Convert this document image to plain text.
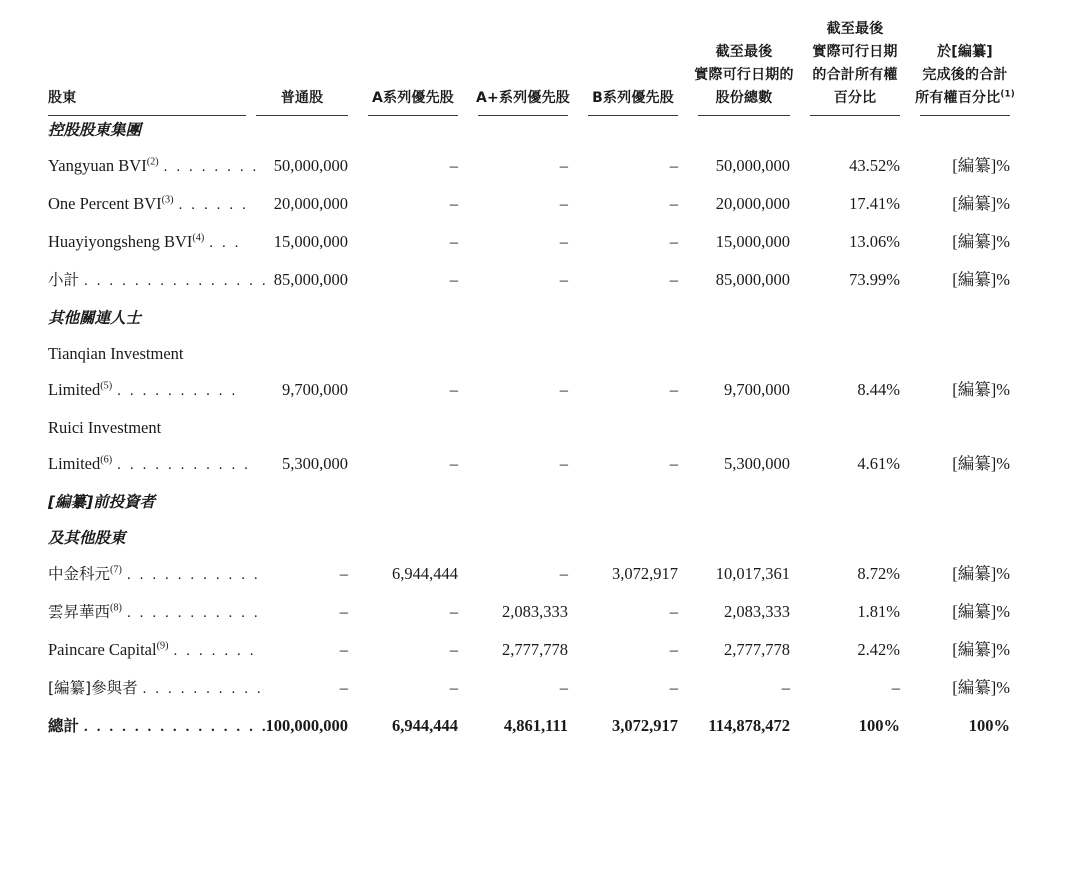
股東	普通股	A系列優先股	A+系列優先股	B系列優先股	截至最後
實際可行日期的
股份總數	截至最後
實際可行日期
的合計所有權
百分比	於[編纂]
完成後的合計
所有權百分比$^{(1)}$

控股股東集團							
Yangyuan BVI$^{(2)}$ . . . . . . . .	50,000,000	–	–	–	50,000,000	43.52%	[編纂]%
One Percent BVI$^{(3)}$ . . . . . .	20,000,000	–	–	–	20,000,000	17.41%	[編纂]%
Huayiyongsheng BVI$^{(4)}$ . . .	15,000,000	–	–	–	15,000,000	13.06%	[編纂]%
小計 . . . . . . . . . . . . . . .	85,000,000	–	–	–	85,000,000	73.99%	[編纂]%
其他關連人士							
Tianqian Investment							
Limited$^{(5)}$ . . . . . . . . . .	9,700,000	–	–	–	9,700,000	8.44%	[編纂]%
Ruici Investment							
Limited$^{(6)}$ . . . . . . . . . . .	5,300,000	–	–	–	5,300,000	4.61%	[編纂]%
[編纂]前投資者							
及其他股東							
中金科元$^{(7)}$ . . . . . . . . . . .	–	6,944,444	–	3,072,917	10,017,361	8.72%	[編纂]%
雲昇華西$^{(8)}$ . . . . . . . . . . .	–	–	2,083,333	–	2,083,333	1.81%	[編纂]%
Paincare Capital$^{(9)}$ . . . . . . .	–	–	2,777,778	–	2,777,778	2.42%	[編纂]%
[編纂]參與者 . . . . . . . . . .	–	–	–	–	–	–	[編纂]%
總計 . . . . . . . . . . . . . . .	100,000,000	6,944,444	4,861,111	3,072,917	114,878,472	100%	100%
